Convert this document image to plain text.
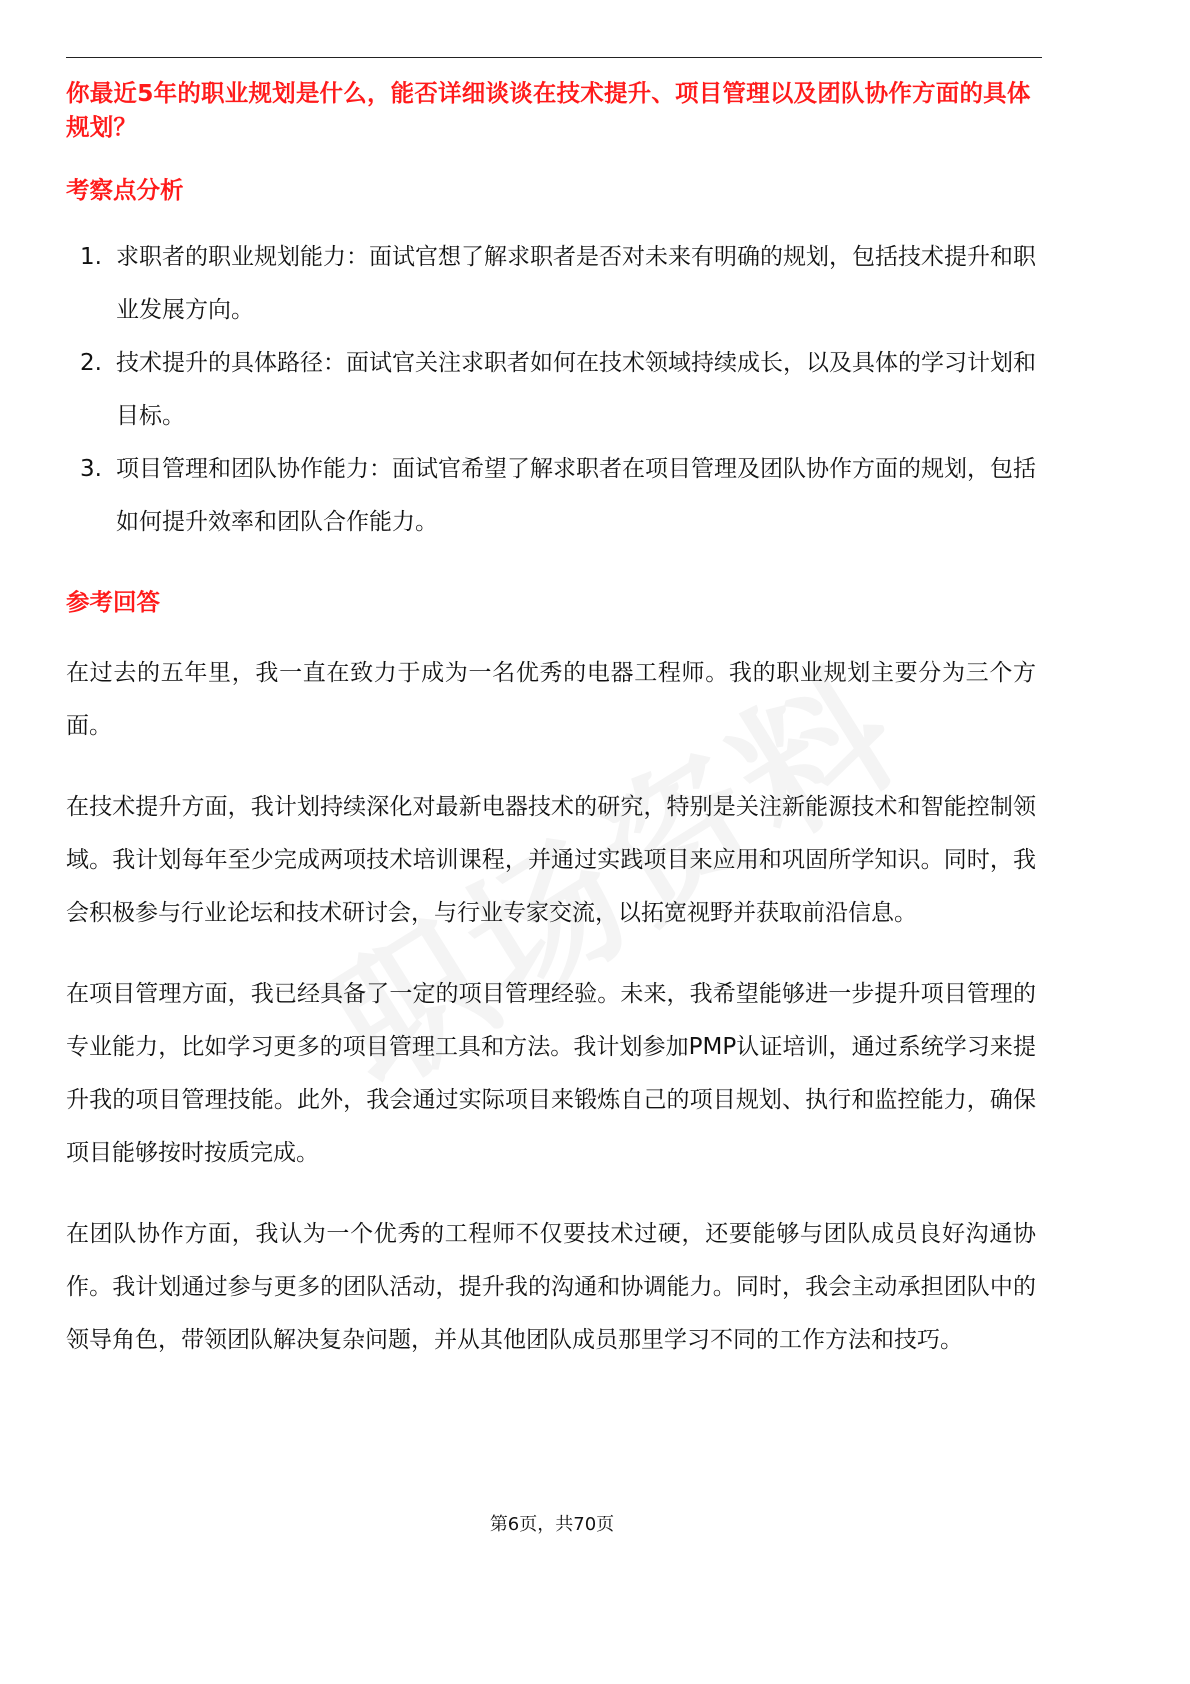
你最近5年的职业规划是什么，能否详细谈谈在技术提升、项目管理以及团队协作方面的具体规划？
考察点分析
1. 求职者的职业规划能力：面试官想了解求职者是否对未来有明确的规划，包括技术提升和职业发展方向。
2. 技术提升的具体路径：面试官关注求职者如何在技术领域持续成长，以及具体的学习计划和目标。
3. 项目管理和团队协作能力：面试官希望了解求职者在项目管理及团队协作方面的规划，包括如何提升效率和团队合作能力。
参考回答

在过去的五年里，我一直在致力于成为一名优秀的电器工程师。我的职业规划主要分为三个方面。

在技术提升方面，我计划持续深化对最新电器技术的研究，特别是关注新能源技术和智能控制领域。我计划每年至少完成两项技术培训课程，并通过实践项目来应用和巩固所学知识。同时，我会积极参与行业论坛和技术研讨会，与行业专家交流，以拓宽视野并获取前沿信息。

在项目管理方面，我已经具备了一定的项目管理经验。未来，我希望能够进一步提升项目管理的专业能力，比如学习更多的项目管理工具和方法。我计划参加PMP认证培训，通过系统学习来提升我的项目管理技能。此外，我会通过实际项目来锻炼自己的项目规划、执行和监控能力，确保项目能够按时按质完成。

在团队协作方面，我认为一个优秀的工程师不仅要技术过硬，还要能够与团队成员良好沟通协作。我计划通过参与更多的团队活动，提升我的沟通和协调能力。同时，我会主动承担团队中的领导角色，带领团队解决复杂问题，并从其他团队成员那里学习不同的工作方法和技巧。

第6页，共70页
